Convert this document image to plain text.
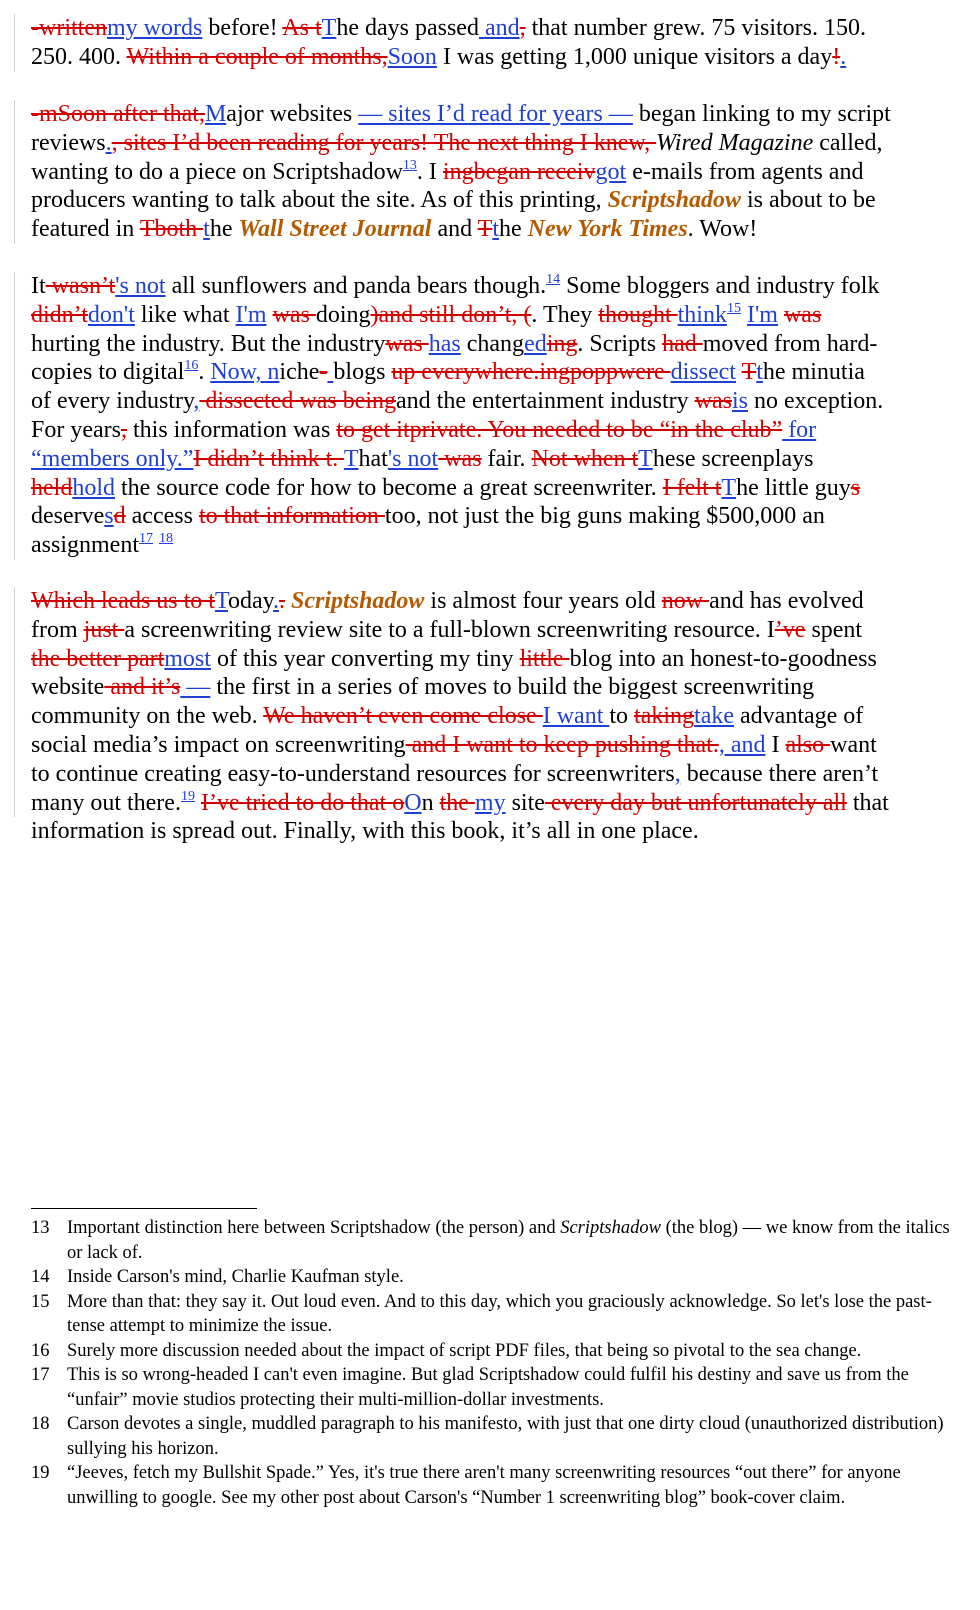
-writtenmy words before! As tThe days passed and, that number grew. 75 visitors. 150.
250. 400. Within a couple of months,Soon I was getting 1,000 unique visitors a day!.
-mSoon after that,Major websites — sites I’d read for years — began linking to my script
reviews., sites I’d been reading for years! The next thing I knew, Wired Magazine called,
wanting to do a piece on Scriptshadow$^{13}$. I ingbegan receivgot e-mails from agents and
producers wanting to talk about the site. As of this printing, Scriptshadow is about to be
featured in Tboth the Wall Street Journal and Tthe New York Times. Wow!
It wasn’t's not all sunflowers and panda bears though.$^{14}$ Some bloggers and industry folk
didn’tdon't like what I'm was doing)and still don’t, (. They thought think$^{15}$ I'm was
hurting the industry. But the industrywas has changeding. Scripts had moved from hard-
copies to digital$^{16}$. Now, niche- blogs up everywhere.ingpoppwere dissect Tthe minutia
of every industry, dissected was beingand the entertainment industry wasis no exception.
For years, this information was to get itprivate. You needed to be “in the club” for
“members only.”I didn’t think t. That's not was fair. Not when tThese screenplays
heldhold the source code for how to become a great screenwriter. I felt tThe little guys
deservesd access to that information too, not just the big guns making $500,000 an
assignment$^{17}$ $^{18}$
Which leads us to tToday.. Scriptshadow is almost four years old now and has evolved
from just a screenwriting review site to a full-blown screenwriting resource. I’ve spent
the better partmost of this year converting my tiny little blog into an honest-to-goodness
website and it’s — the first in a series of moves to build the biggest screenwriting
community on the web. We haven’t even come close I want to takingtake advantage of
social media’s impact on screenwriting and I want to keep pushing that., and I also want
to continue creating easy-to-understand resources for screenwriters, because there aren’t
many out there.$^{19}$ I’ve tried to do that oOn the my site every day but unfortunately all that
information is spread out. Finally, with this book, it’s all in one place.
13 Important distinction here between Scriptshadow (the person) and Scriptshadow (the blog) — we know from the italics or lack of.
14 Inside Carson's mind, Charlie Kaufman style.
15 More than that: they say it. Out loud even. And to this day, which you graciously acknowledge. So let's lose the past-tense attempt to minimize the issue.
16 Surely more discussion needed about the impact of script PDF files, that being so pivotal to the sea change.
17 This is so wrong-headed I can't even imagine. But glad Scriptshadow could fulfil his destiny and save us from the “unfair” movie studios protecting their multi-million-dollar investments.
18 Carson devotes a single, muddled paragraph to his manifesto, with just that one dirty cloud (unauthorized distribution) sullying his horizon.
19 “Jeeves, fetch my Bullshit Spade.” Yes, it's true there aren't many screenwriting resources “out there” for anyone unwilling to google. See my other post about Carson's “Number 1 screenwriting blog” book-cover claim.
